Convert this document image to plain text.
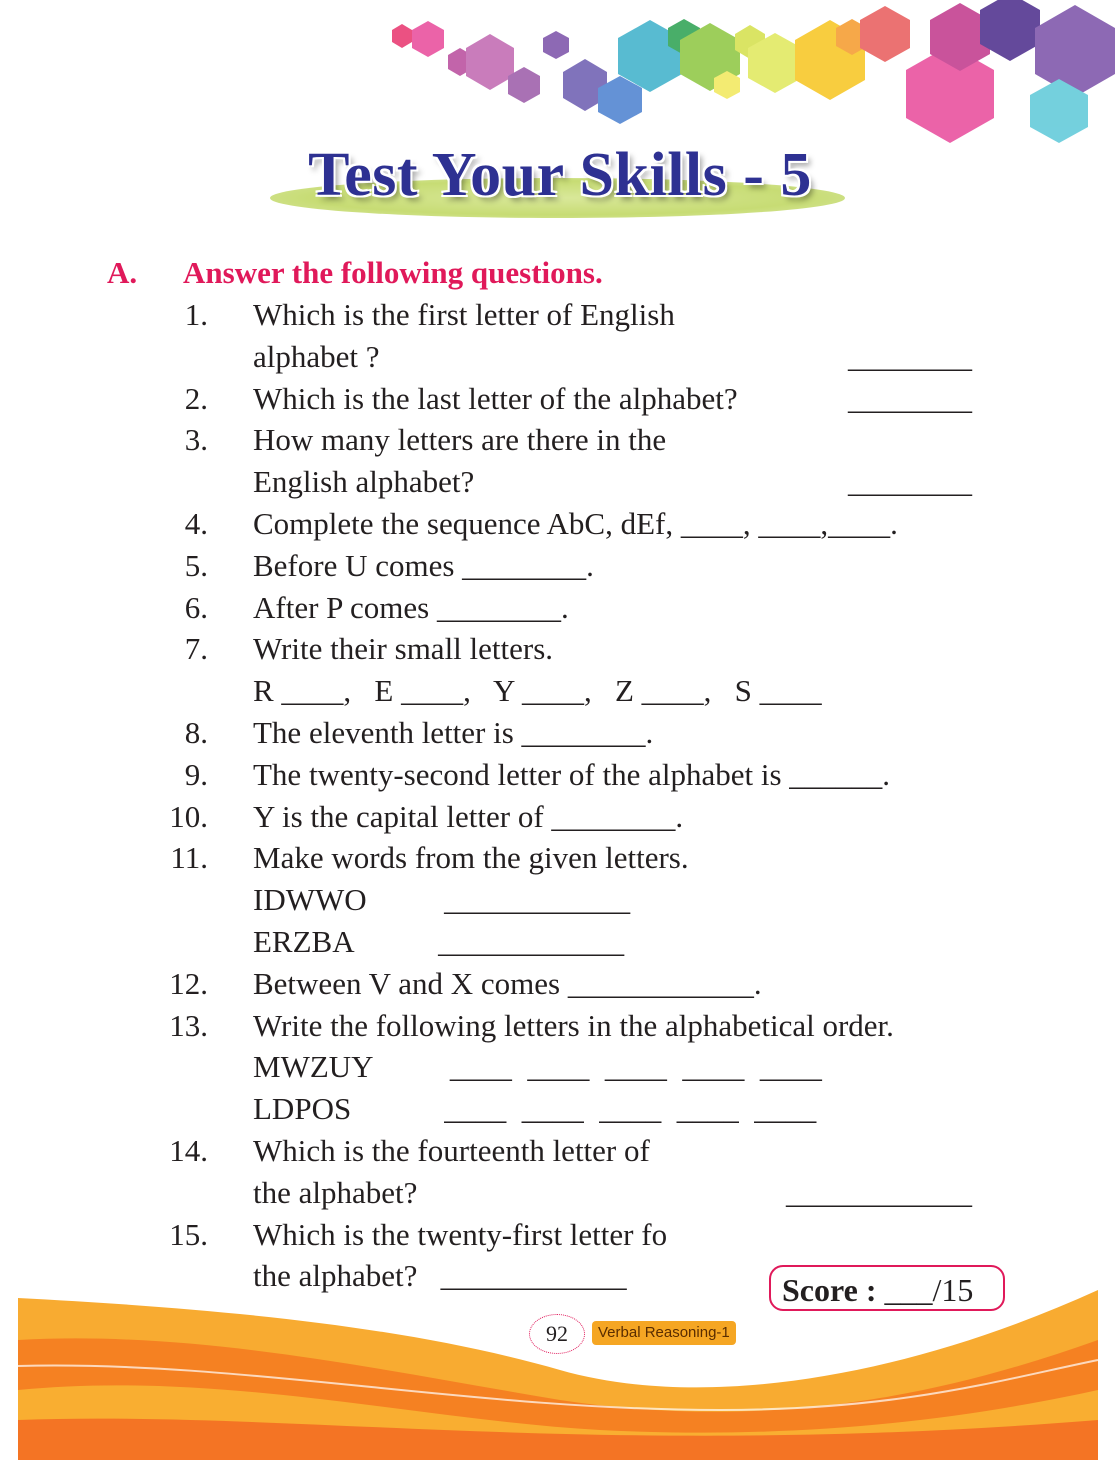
Test Your Skills - 5
A. Answer the following questions.
1. Which is the first letter of English
alphabet ?	________
2. Which is the last letter of the alphabet?	________
3. How many letters are there in the
English alphabet?	________
4. Complete the sequence AbC, dEf, ____, ____,____.
5. Before U comes ________.
6. After P comes ________.
7. Write their small letters.
R ____,   E ____,   Y ____,   Z ____,   S ____
8. The eleventh letter is ________.
9. The twenty-second letter of the alphabet is ______.
10. Y is the capital letter of ________.
11. Make words from the given letters.
IDWWO          ____________
ERZBA           ____________
12. Between V and X comes ____________.
13. Write the following letters in the alphabetical order.
MWZUY          ____  ____  ____  ____  ____
LDPOS            ____  ____  ____  ____  ____
14. Which is the fourteenth letter of
the alphabet?	____________
15. Which is the twenty-first letter fo
the alphabet?   ____________	Score : ___/15
92	Verbal Reasoning-1
